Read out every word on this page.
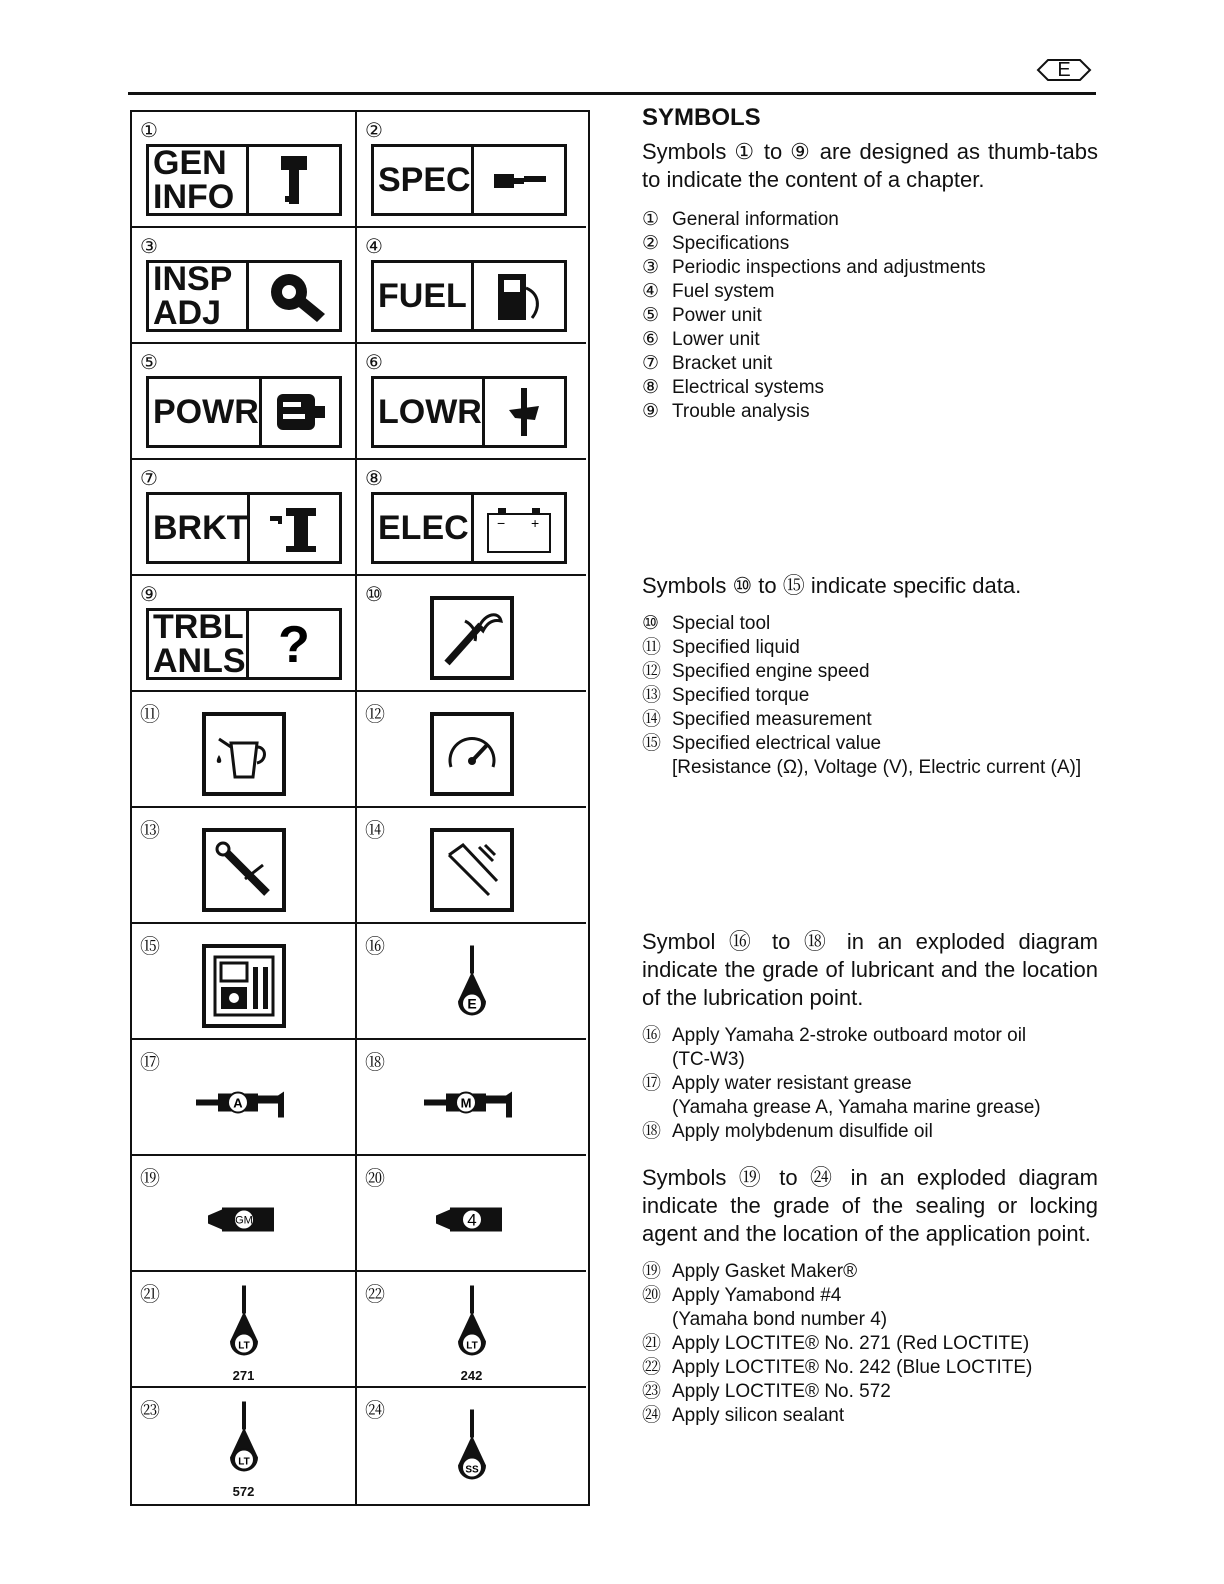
E
①
GEN
INFO
②
SPEC
③
INSP
ADJ
④
FUEL
⑤
POWR
⑥
LOWR
⑦
BRKT
⑧
ELEC − +
⑨
TRBL
ANLS ?
⑩
⑪	⑫
⑬	⑭
⑮	⑯
E
⑰
A
⑱
M
⑲
GM
⑳
4
㉑
LT
271
㉒
LT
242
㉓
LT
572
㉔
SS
SYMBOLS
Symbols ① to ⑨ are designed as thumb-tabs to indicate the content of a chapter.
① General information
② Specifications
③ Periodic inspections and adjustments
④ Fuel system
⑤ Power unit
⑥ Lower unit
⑦ Bracket unit
⑧ Electrical systems
⑨ Trouble analysis
Symbols ⑩ to ⑮ indicate specific data.
⑩ Special tool
⑪ Specified liquid
⑫ Specified engine speed
⑬ Specified torque
⑭ Specified measurement
⑮ Specified electrical value
[Resistance (Ω), Voltage (V), Electric current (A)]
Symbol ⑯ to ⑱ in an exploded diagram indicate the grade of lubricant and the location of the lubrication point.
⑯ Apply Yamaha 2-stroke outboard motor oil
(TC-W3)
⑰ Apply water resistant grease
(Yamaha grease A, Yamaha marine grease)
⑱ Apply molybdenum disulfide oil
Symbols ⑲ to ㉔ in an exploded diagram indicate the grade of the sealing or locking agent and the location of the application point.
⑲ Apply Gasket Maker®
⑳ Apply Yamabond #4
(Yamaha bond number 4)
㉑ Apply LOCTITE® No. 271 (Red LOCTITE)
㉒ Apply LOCTITE® No. 242 (Blue LOCTITE)
㉓ Apply LOCTITE® No. 572
㉔ Apply silicon sealant
